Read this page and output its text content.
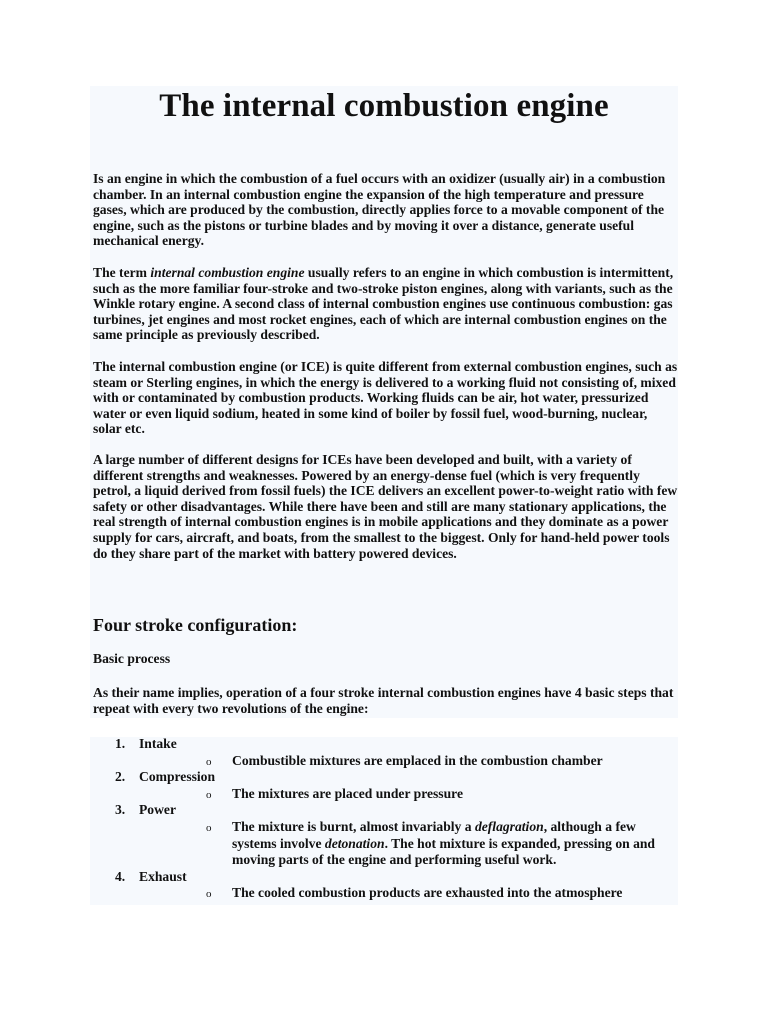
The internal combustion engine

Is an engine in which the combustion of a fuel occurs with an oxidizer (usually air) in a combustion chamber. In an internal combustion engine the expansion of the high temperature and pressure gases, which are produced by the combustion, directly applies force to a movable component of the engine, such as the pistons or turbine blades and by moving it over a distance, generate useful mechanical energy.

The term internal combustion engine usually refers to an engine in which combustion is intermittent, such as the more familiar four-stroke and two-stroke piston engines, along with variants, such as the Winkle rotary engine. A second class of internal combustion engines use continuous combustion: gas turbines, jet engines and most rocket engines, each of which are internal combustion engines on the same principle as previously described.

The internal combustion engine (or ICE) is quite different from external combustion engines, such as steam or Sterling engines, in which the energy is delivered to a working fluid not consisting of, mixed with or contaminated by combustion products. Working fluids can be air, hot water, pressurized water or even liquid sodium, heated in some kind of boiler by fossil fuel, wood-burning, nuclear, solar etc.

A large number of different designs for ICEs have been developed and built, with a variety of different strengths and weaknesses. Powered by an energy-dense fuel (which is very frequently petrol, a liquid derived from fossil fuels) the ICE delivers an excellent power-to-weight ratio with few safety or other disadvantages. While there have been and still are many stationary applications, the real strength of internal combustion engines is in mobile applications and they dominate as a power supply for cars, aircraft, and boats, from the smallest to the biggest. Only for hand-held power tools do they share part of the market with battery powered devices.

Four stroke configuration:
Basic process

As their name implies, operation of a four stroke internal combustion engines have 4 basic steps that repeat with every two revolutions of the engine:

1.	Intake
o Combustible mixtures are emplaced in the combustion chamber
2.	Compression
o The mixtures are placed under pressure
3.	Power
o The mixture is burnt, almost invariably a deflagration, although a few systems involve detonation. The hot mixture is expanded, pressing on and moving parts of the engine and performing useful work.
4.	Exhaust
o The cooled combustion products are exhausted into the atmosphere
